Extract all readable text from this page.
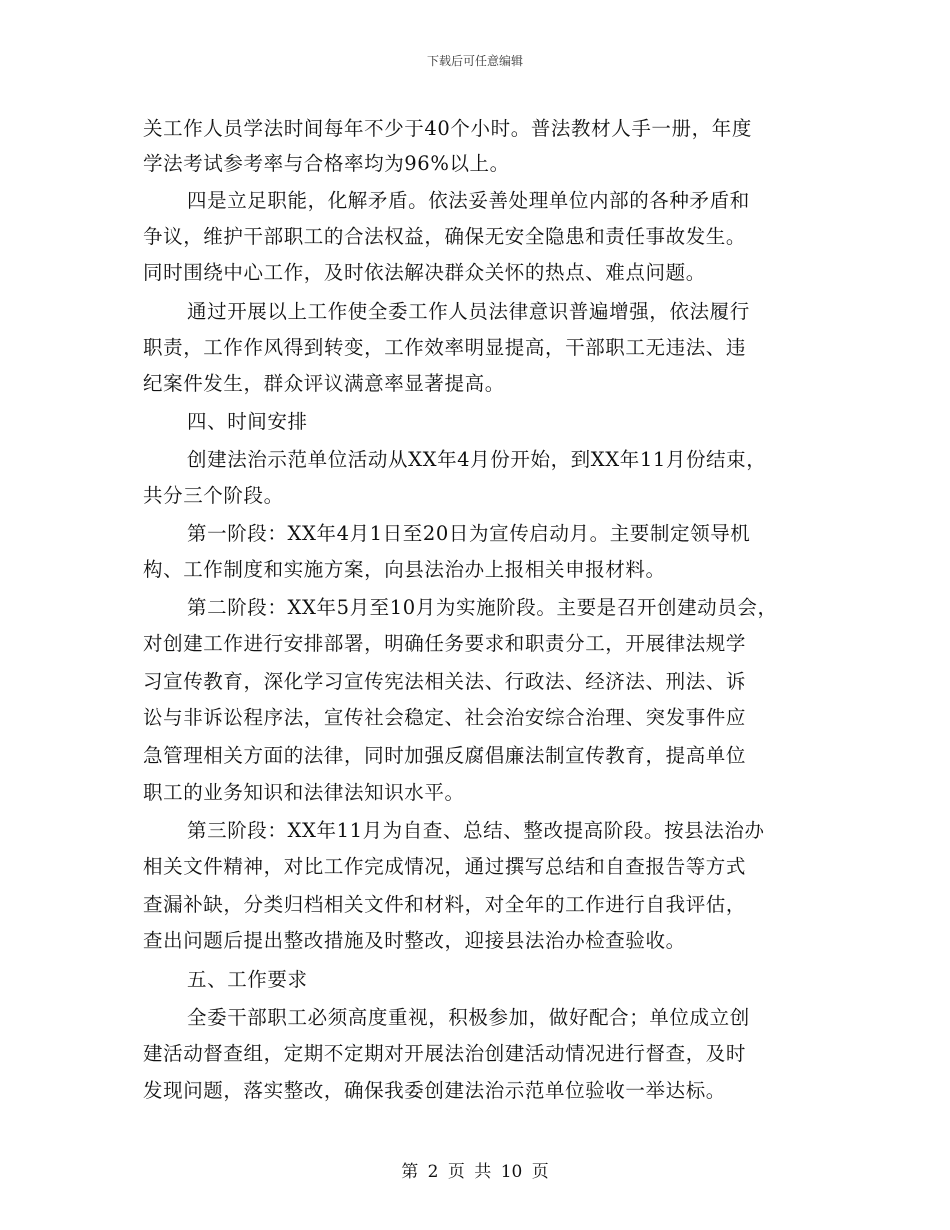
下载后可任意编辑
关工作人员学法时间每年不少于40个小时。普法教材人手一册，年度
学法考试参考率与合格率均为96%以上。
四是立足职能，化解矛盾。依法妥善处理单位内部的各种矛盾和
争议，维护干部职工的合法权益，确保无安全隐患和责任事故发生。
同时围绕中心工作，及时依法解决群众关怀的热点、难点问题。
通过开展以上工作使全委工作人员法律意识普遍增强，依法履行
职责，工作作风得到转变，工作效率明显提高，干部职工无违法、违
纪案件发生，群众评议满意率显著提高。
四、时间安排
创建法治示范单位活动从XX年4月份开始，到XX年11月份结束，
共分三个阶段。
第一阶段：XX年4月1日至20日为宣传启动月。主要制定领导机
构、工作制度和实施方案，向县法治办上报相关申报材料。
第二阶段：XX年5月至10月为实施阶段。主要是召开创建动员会，
对创建工作进行安排部署，明确任务要求和职责分工，开展律法规学
习宣传教育，深化学习宣传宪法相关法、行政法、经济法、刑法、诉
讼与非诉讼程序法，宣传社会稳定、社会治安综合治理、突发事件应
急管理相关方面的法律，同时加强反腐倡廉法制宣传教育，提高单位
职工的业务知识和法律法知识水平。
第三阶段：XX年11月为自查、总结、整改提高阶段。按县法治办
相关文件精神，对比工作完成情况，通过撰写总结和自查报告等方式
查漏补缺，分类归档相关文件和材料，对全年的工作进行自我评估，
查出问题后提出整改措施及时整改，迎接县法治办检查验收。
五、工作要求
全委干部职工必须高度重视，积极参加，做好配合；单位成立创
建活动督查组，定期不定期对开展法治创建活动情况进行督查，及时
发现问题，落实整改，确保我委创建法治示范单位验收一举达标。
第 2 页 共 10 页
